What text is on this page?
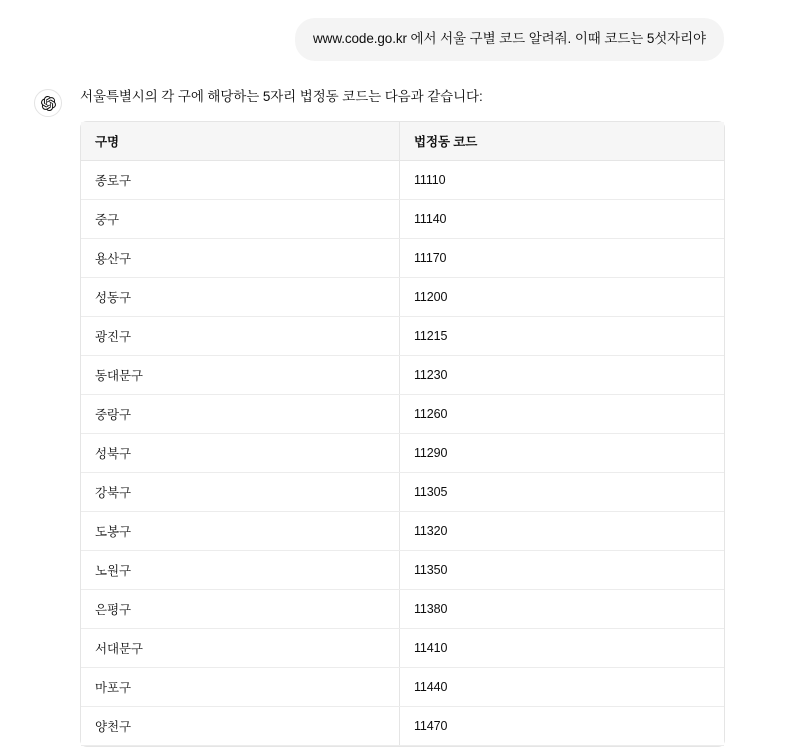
www.code.go.kr 에서 서울 구별 코드 알려줘. 이때 코드는 5섯자리야
서울특별시의 각 구에 해당하는 5자리 법정동 코드는 다음과 같습니다:
구명	법정동 코드
종로구	11110
중구	11140
용산구	11170
성동구	11200
광진구	11215
동대문구	11230
중랑구	11260
성북구	11290
강북구	11305
도봉구	11320
노원구	11350
은평구	11380
서대문구	11410
마포구	11440
양천구	11470
